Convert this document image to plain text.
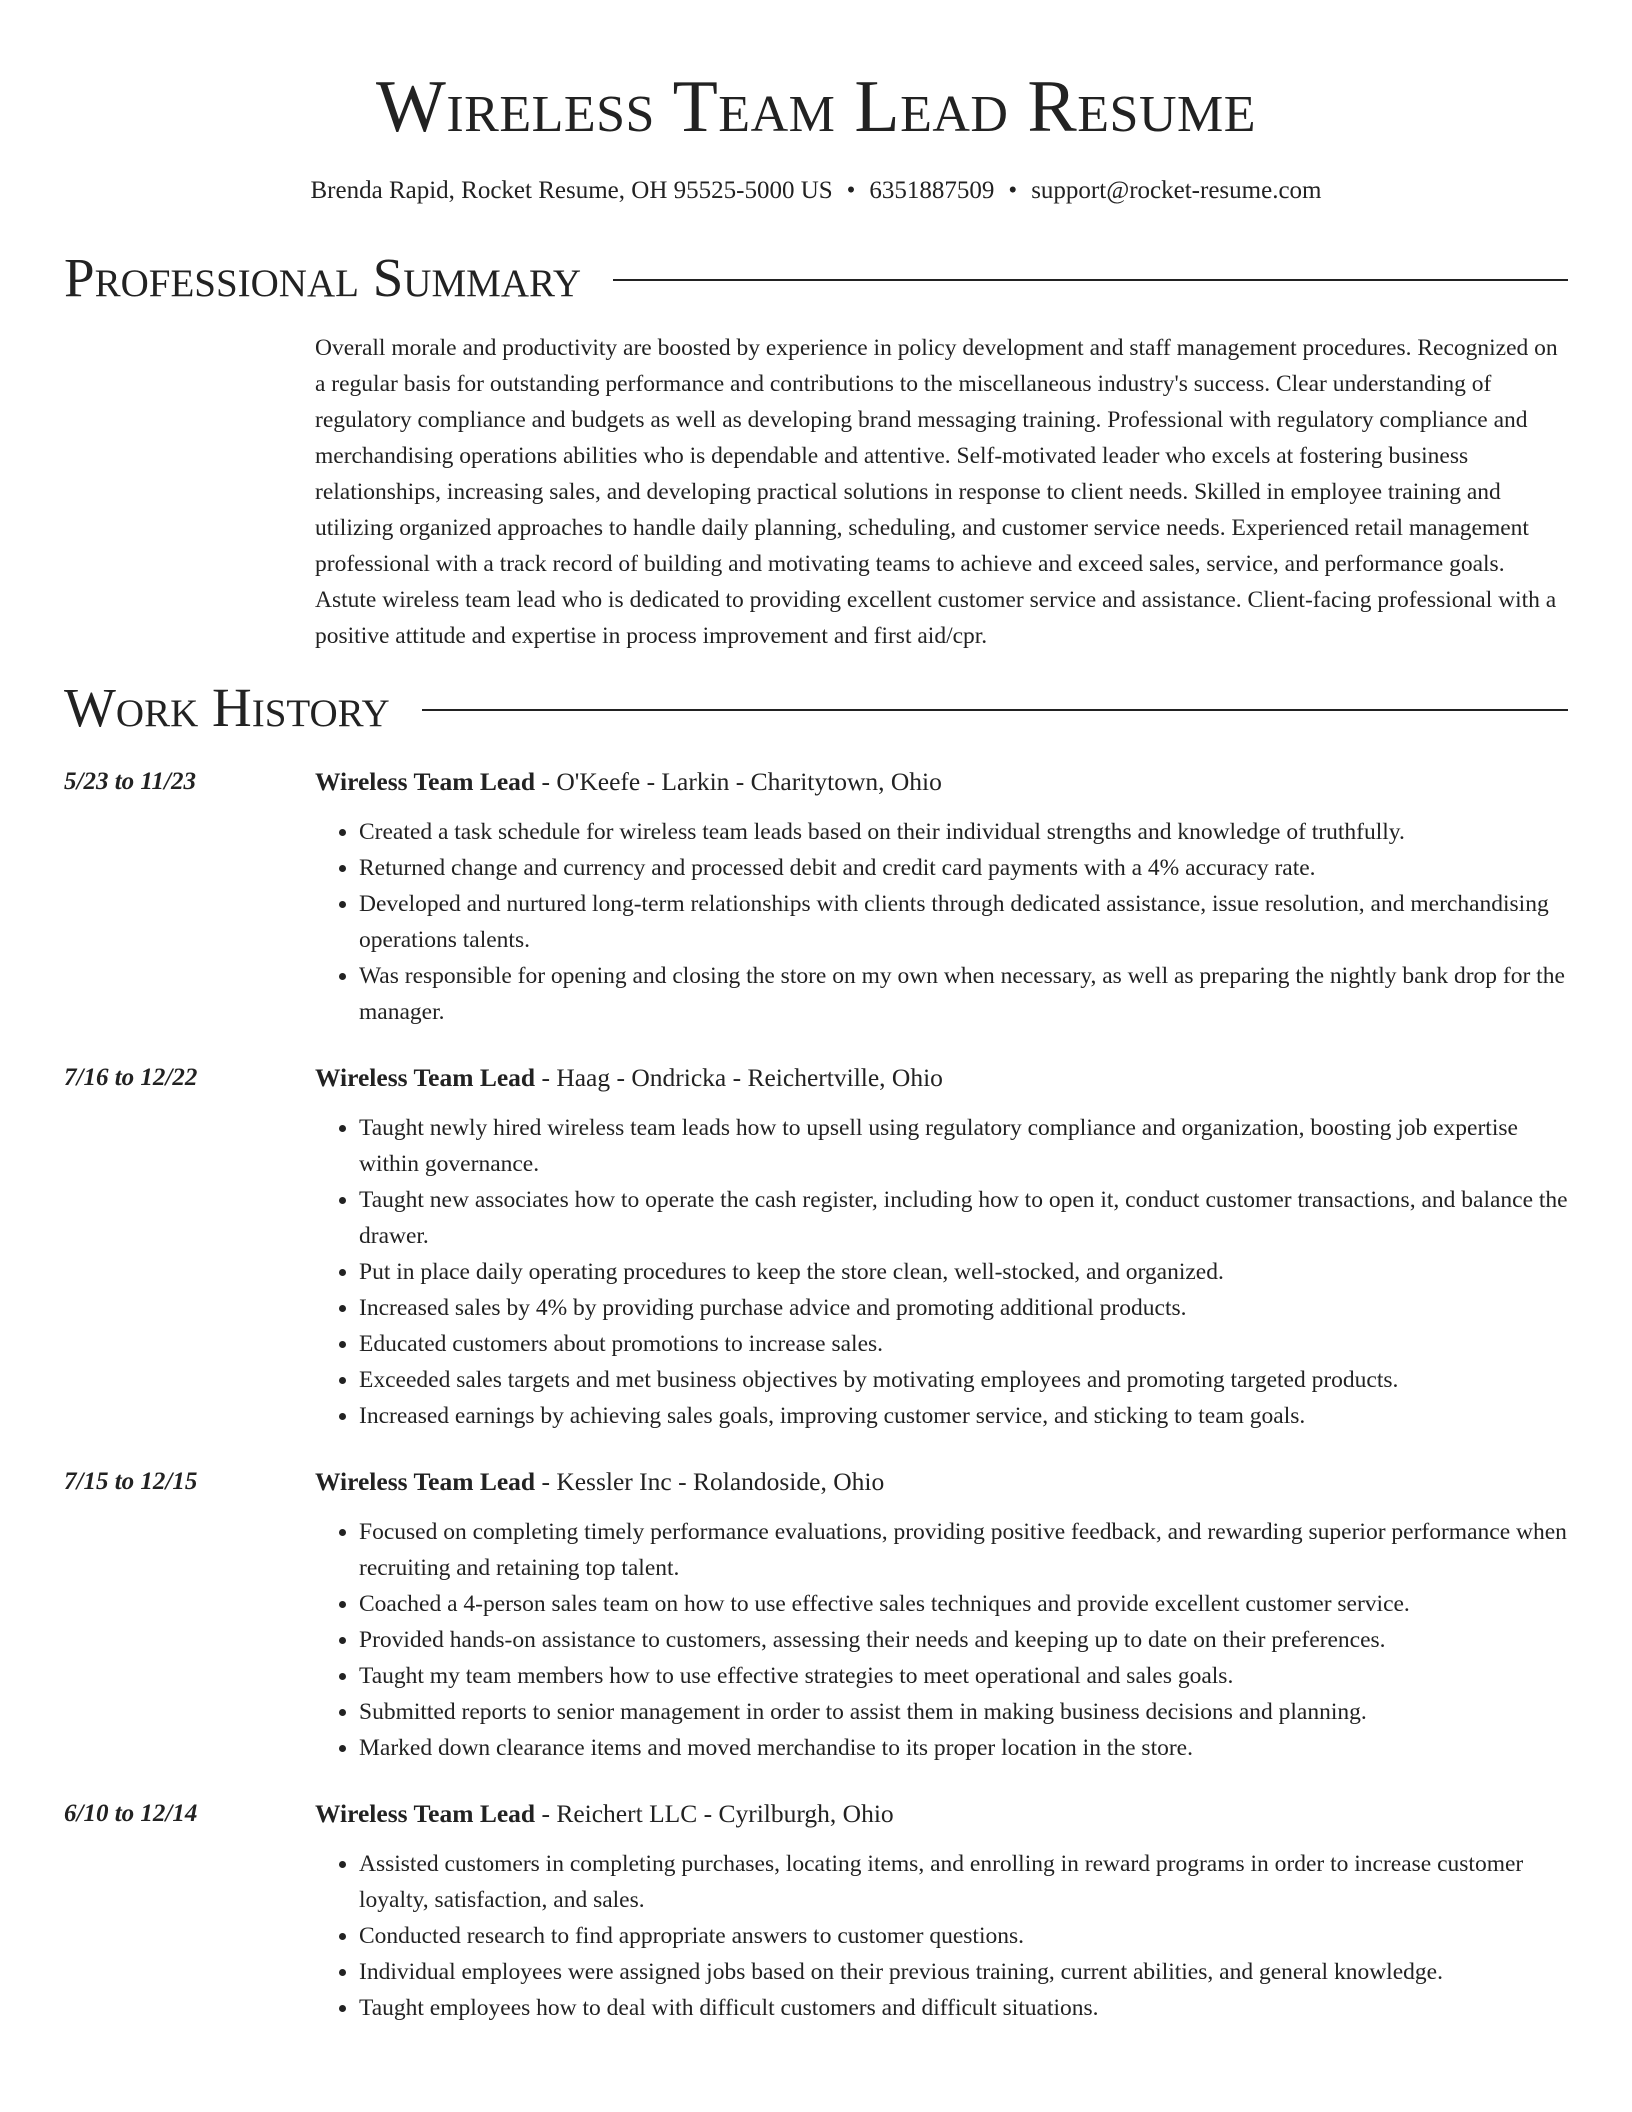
Wireless Team Lead Resume
Brenda Rapid, Rocket Resume, OH 95525-5000 US • 6351887509 • support@rocket-resume.com
Professional Summary

Overall morale and productivity are boosted by experience in policy development and staff management procedures. Recognized on a regular basis for outstanding performance and contributions to the miscellaneous industry's success. Clear understanding of regulatory compliance and budgets as well as developing brand messaging training. Professional with regulatory compliance and merchandising operations abilities who is dependable and attentive. Self-motivated leader who excels at fostering business relationships, increasing sales, and developing practical solutions in response to client needs. Skilled in employee training and utilizing organized approaches to handle daily planning, scheduling, and customer service needs. Experienced retail management professional with a track record of building and motivating teams to achieve and exceed sales, service, and performance goals. Astute wireless team lead who is dedicated to providing excellent customer service and assistance. Client-facing professional with a positive attitude and expertise in process improvement and first aid/cpr.

Work History
5/23 to 11/23	Wireless Team Lead - O'Keefe - Larkin - Charitytown, Ohio
• Created a task schedule for wireless team leads based on their individual strengths and knowledge of truthfully.
• Returned change and currency and processed debit and credit card payments with a 4% accuracy rate.
• Developed and nurtured long-term relationships with clients through dedicated assistance, issue resolution, and merchandising operations talents.
• Was responsible for opening and closing the store on my own when necessary, as well as preparing the nightly bank drop for the manager.
7/16 to 12/22	Wireless Team Lead - Haag - Ondricka - Reichertville, Ohio
• Taught newly hired wireless team leads how to upsell using regulatory compliance and organization, boosting job expertise within governance.
• Taught new associates how to operate the cash register, including how to open it, conduct customer transactions, and balance the drawer.
• Put in place daily operating procedures to keep the store clean, well-stocked, and organized.
• Increased sales by 4% by providing purchase advice and promoting additional products.
• Educated customers about promotions to increase sales.
• Exceeded sales targets and met business objectives by motivating employees and promoting targeted products.
• Increased earnings by achieving sales goals, improving customer service, and sticking to team goals.
7/15 to 12/15	Wireless Team Lead - Kessler Inc - Rolandoside, Ohio
• Focused on completing timely performance evaluations, providing positive feedback, and rewarding superior performance when recruiting and retaining top talent.
• Coached a 4-person sales team on how to use effective sales techniques and provide excellent customer service.
• Provided hands-on assistance to customers, assessing their needs and keeping up to date on their preferences.
• Taught my team members how to use effective strategies to meet operational and sales goals.
• Submitted reports to senior management in order to assist them in making business decisions and planning.
• Marked down clearance items and moved merchandise to its proper location in the store.
6/10 to 12/14	Wireless Team Lead - Reichert LLC - Cyrilburgh, Ohio
• Assisted customers in completing purchases, locating items, and enrolling in reward programs in order to increase customer loyalty, satisfaction, and sales.
• Conducted research to find appropriate answers to customer questions.
• Individual employees were assigned jobs based on their previous training, current abilities, and general knowledge.
• Taught employees how to deal with difficult customers and difficult situations.
